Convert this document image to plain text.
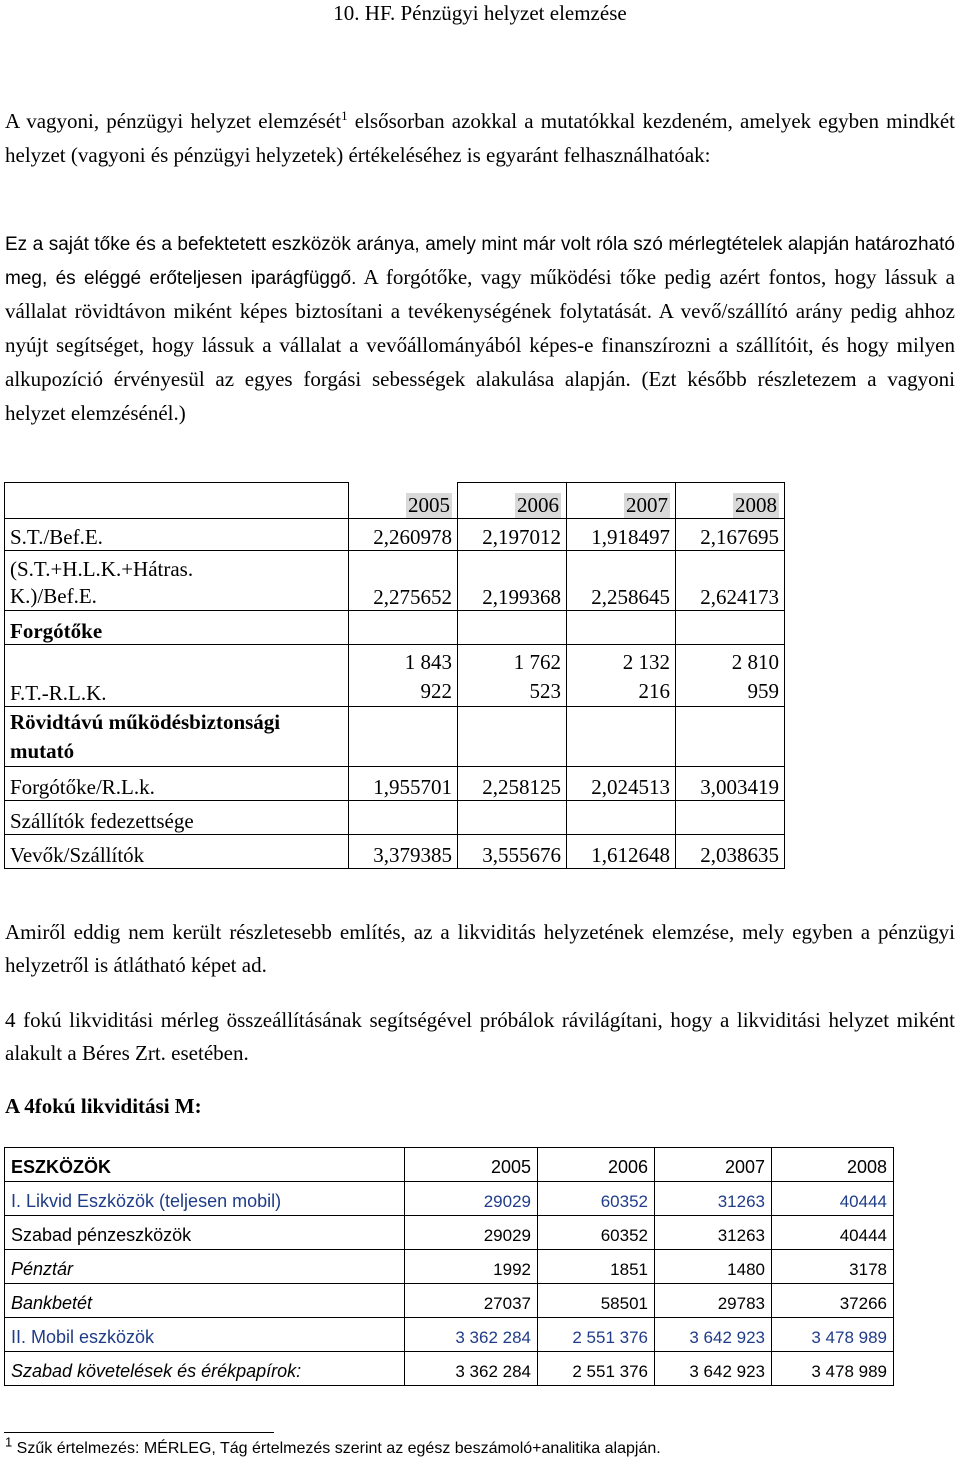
10. HF. Pénzügyi helyzet elemzése
A vagyoni, pénzügyi helyzet elemzését$^1$ elsősorban azokkal a mutatókkal kezdeném, amelyek egyben mindkét helyzet (vagyoni és pénzügyi helyzetek) értékeléséhez is egyaránt felhasználhatóak:
Ez a saját tőke és a befektetett eszközök aránya, amely mint már volt róla szó mérlegtételek alapján határozható meg, és eléggé erőteljesen iparágfüggő. A forgótőke, vagy működési tőke pedig azért fontos, hogy lássuk a vállalat rövidtávon miként képes biztosítani a tevékenységének folytatását. A vevő/szállító arány pedig ahhoz nyújt segítséget, hogy lássuk a vállalat a vevőállományából képes-e finanszírozni a szállítóit, és hogy milyen alkupozíció érvényesül az egyes forgási sebességek alakulása alapján. (Ezt később részletezem a vagyoni helyzet elemzésénél.)
	2005	2006	2007	2008
S.T./Bef.E.	2,260978	2,197012	1,918497	2,167695

(S.T.+H.L.K.+Hátras. K.)/Bef.E.	2,275652	2,199368	2,258645	2,624173
Forgótőke				
F.T.-R.L.K.	1 843 922	1 762 523	2 132 216	2 810 959

Rövidtávú működésbiztonsági mutató				
Forgótőke/R.L.k.	1,955701	2,258125	2,024513	3,003419
Szállítók fedezettsége				
Vevők/Szállítók	3,379385	3,555676	1,612648	2,038635
Amiről eddig nem került részletesebb említés, az a likviditás helyzetének elemzése, mely egyben a pénzügyi helyzetről is átlátható képet ad.
4 fokú likviditási mérleg összeállításának segítségével próbálok rávilágítani, hogy a likviditási helyzet miként alakult a Béres Zrt. esetében.
A 4fokú likviditási M:
ESZKÖZÖK	2005	2006	2007	2008
I. Likvid Eszközök (teljesen mobil)	29029	60352	31263	40444
Szabad pénzeszközök	29029	60352	31263	40444
Pénztár	1992	1851	1480	3178
Bankbetét	27037	58501	29783	37266
II. Mobil eszközök	3 362 284	2 551 376	3 642 923	3 478 989
Szabad követelések és érékpapírok:	3 362 284	2 551 376	3 642 923	3 478 989
$^1$ Szűk értelmezés: MÉRLEG, Tág értelmezés szerint az egész beszámoló+analitika alapján.
